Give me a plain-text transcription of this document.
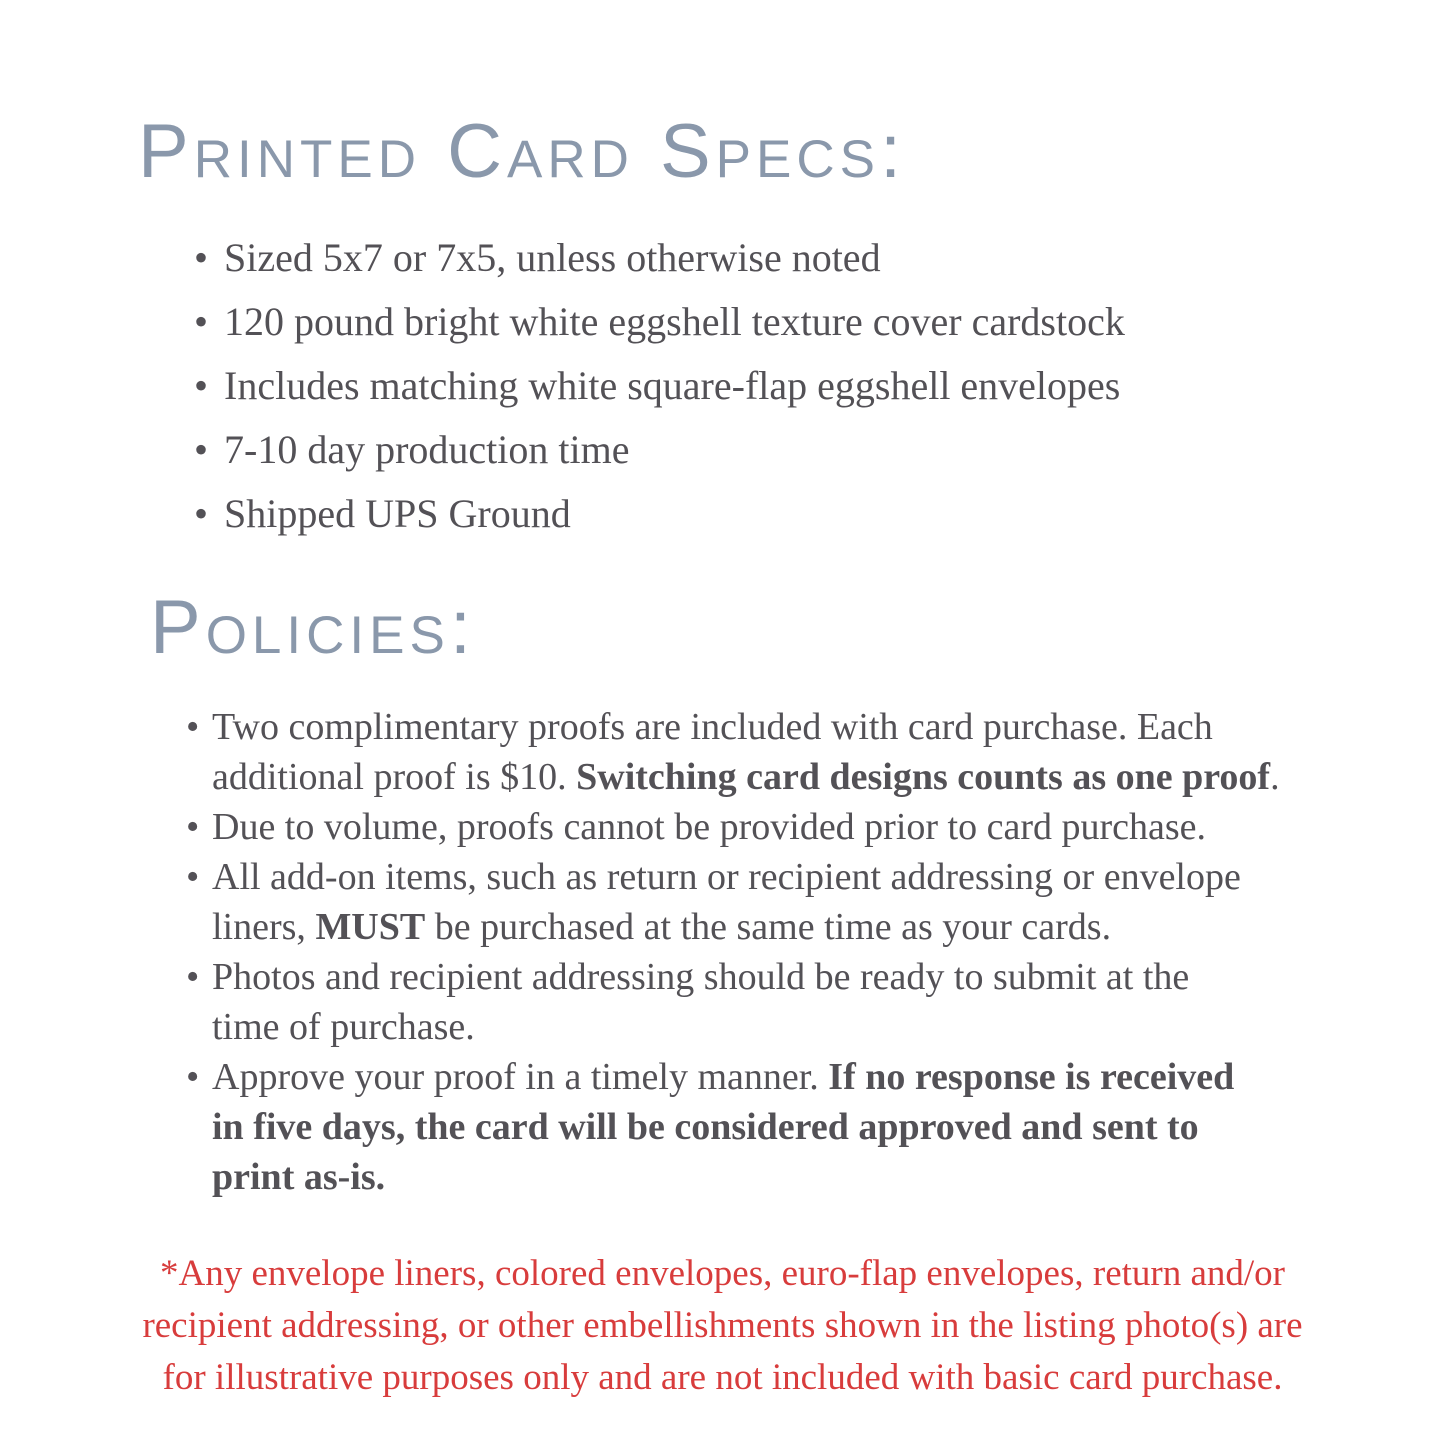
Printed Card Specs:
• Sized 5x7 or 7x5, unless otherwise noted
• 120 pound bright white eggshell texture cover cardstock
• Includes matching white square-flap eggshell envelopes
• 7-10 day production time
• Shipped UPS Ground
Policies:
• Two complimentary proofs are included with card purchase. Each
additional proof is $10. Switching card designs counts as one proof.
• Due to volume, proofs cannot be provided prior to card purchase.
• All add-on items, such as return or recipient addressing or envelope
liners, MUST be purchased at the same time as your cards.
• Photos and recipient addressing should be ready to submit at the
time of purchase.
• Approve your proof in a timely manner. If no response is received
in five days, the card will be considered approved and sent to
print as-is.

*Any envelope liners, colored envelopes, euro-flap envelopes, return and/or
recipient addressing, or other embellishments shown in the listing photo(s) are
for illustrative purposes only and are not included with basic card purchase.
